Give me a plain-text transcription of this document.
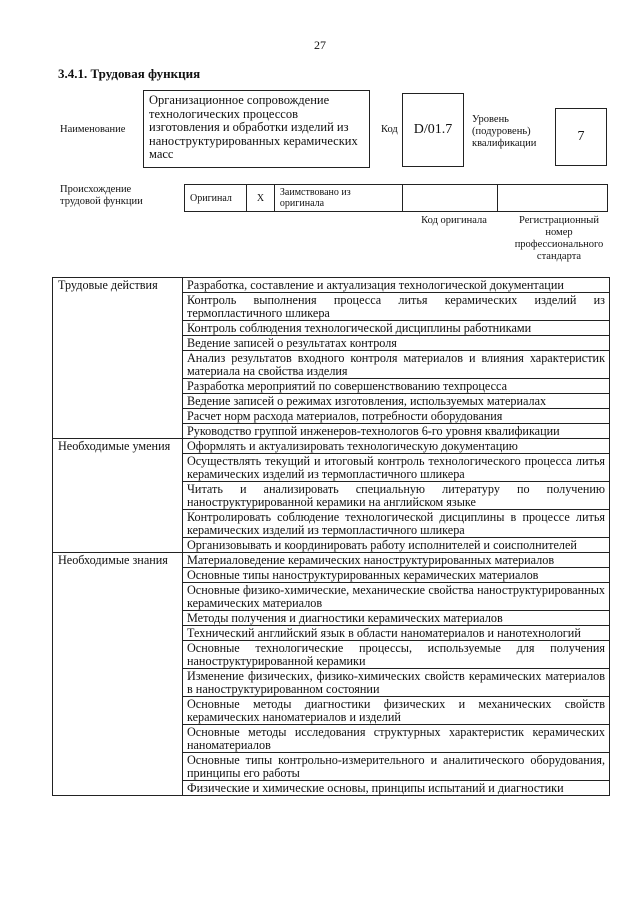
27
3.4.1. Трудовая функция
Наименование
Организационное сопровождение технологических процессов изготовления и обработки изделий из наноструктурированных керамических масс
Код	D/01.7
Уровень (подуровень) квалификации	7
Происхождение трудовой функции	Оригинал	X	Заимствовано из оригинала		
Код оригинала	Регистрационный номер профессионального стандарта
Трудовые действия	Разработка, составление и актуализация технологической документации
	Контроль выполнения процесса литья керамических изделий из термопластичного шликера
	Контроль соблюдения технологической дисциплины работниками
	Ведение записей о результатах контроля
	Анализ результатов входного контроля материалов и влияния характеристик материала на свойства изделия
	Разработка мероприятий по совершенствованию техпроцесса
	Ведение записей о режимах изготовления, используемых материалах
	Расчет норм расхода материалов, потребности оборудования
	Руководство группой инженеров-технологов 6-го уровня квалификации
Необходимые умения	Оформлять и актуализировать технологическую документацию
	Осуществлять текущий и итоговый контроль технологического процесса литья керамических изделий из термопластичного шликера
	Читать и анализировать специальную литературу по получению наноструктурированной керамики на английском языке
	Контролировать соблюдение технологической дисциплины в процессе литья керамических изделий из термопластичного шликера
	Организовывать и координировать работу исполнителей и соисполнителей
Необходимые знания	Материаловедение керамических наноструктурированных материалов
	Основные типы наноструктурированных керамических материалов
	Основные физико-химические, механические свойства наноструктурированных керамических материалов
	Методы получения и диагностики керамических материалов
	Технический английский язык в области наноматериалов и нанотехнологий
	Основные технологические процессы, используемые для получения наноструктурированной керамики
	Изменение физических, физико-химических свойств керамических материалов в наноструктурированном состоянии
	Основные методы диагностики физических и механических свойств керамических наноматериалов и изделий
	Основные методы исследования структурных характеристик керамических наноматериалов
	Основные типы контрольно-измерительного и аналитического оборудования, принципы его работы
	Физические и химические основы, принципы испытаний и диагностики
